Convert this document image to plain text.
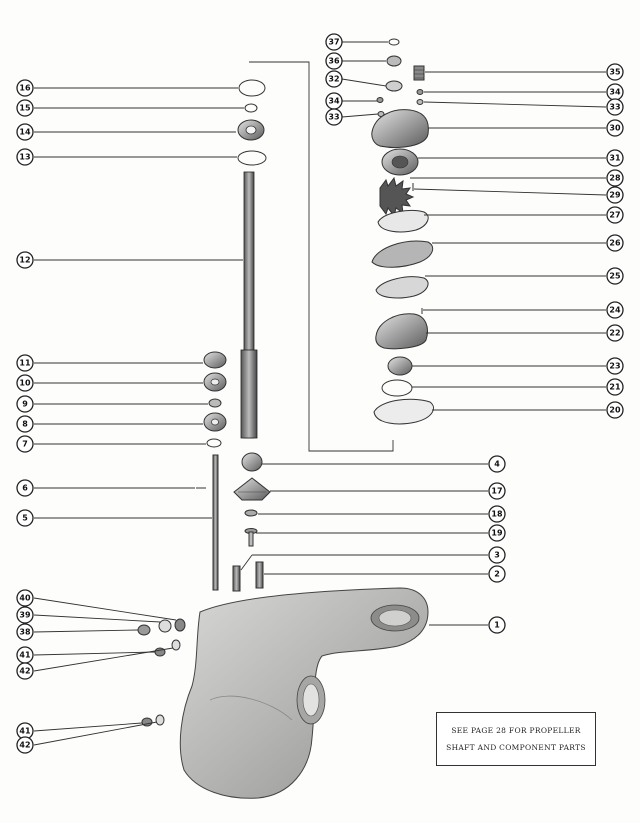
16
15
14
13
12
11
10
9
8
7
6
5
40
39
38
41
42
41
42
37
36
32
34
33
35
34
33
30
31
28
29
27
26
25
24
22
23
21
20
4
17
18
19
3
2
1
SEE PAGE 28 FOR PROPELLER
SHAFT AND COMPONENT PARTS
